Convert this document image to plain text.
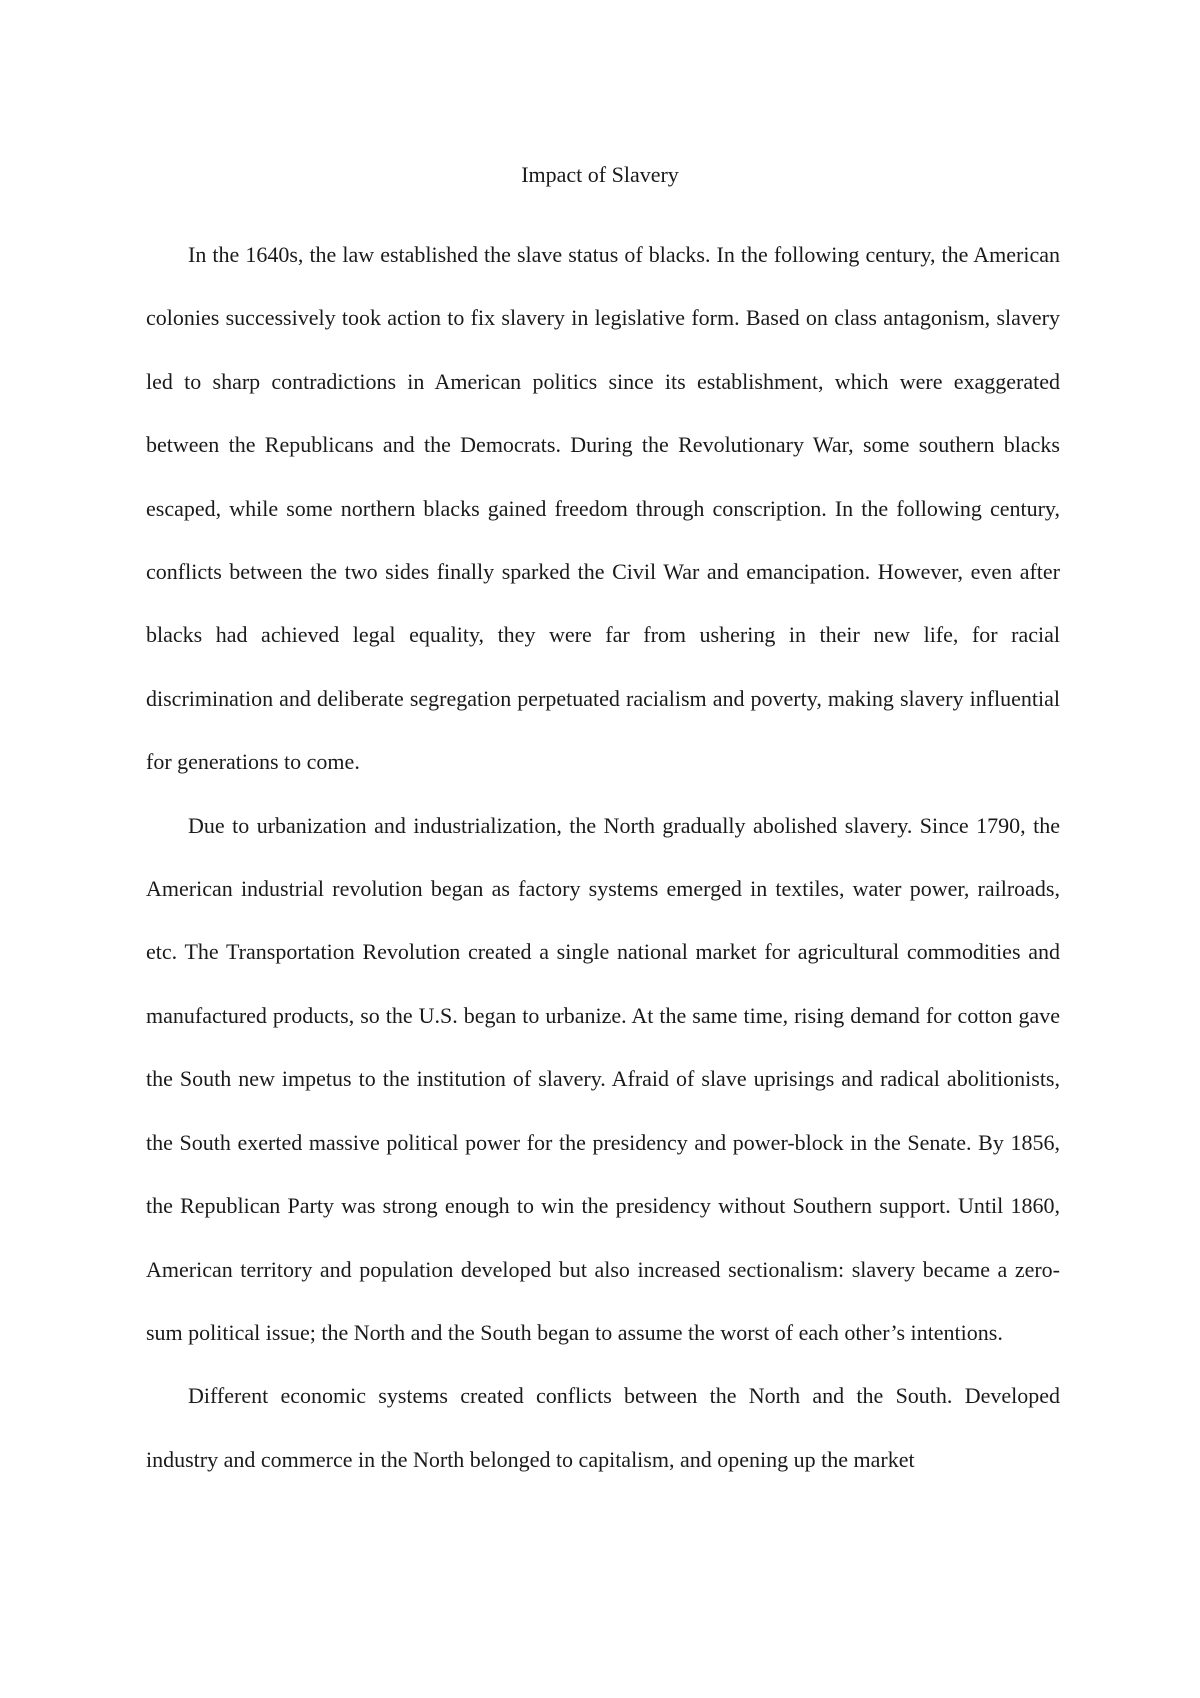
Impact of Slavery

In the 1640s, the law established the slave status of blacks. In the following century, the American colonies successively took action to fix slavery in legislative form. Based on class antagonism, slavery led to sharp contradictions in American politics since its establishment, which were exaggerated between the Republicans and the Democrats. During the Revolutionary War, some southern blacks escaped, while some northern blacks gained freedom through conscription. In the following century, conflicts between the two sides finally sparked the Civil War and emancipation. However, even after blacks had achieved legal equality, they were far from ushering in their new life, for racial discrimination and deliberate segregation perpetuated racialism and poverty, making slavery influential for generations to come.

Due to urbanization and industrialization, the North gradually abolished slavery. Since 1790, the American industrial revolution began as factory systems emerged in textiles, water power, railroads, etc. The Transportation Revolution created a single national market for agricultural commodities and manufactured products, so the U.S. began to urbanize. At the same time, rising demand for cotton gave the South new impetus to the institution of slavery. Afraid of slave uprisings and radical abolitionists, the South exerted massive political power for the presidency and power-block in the Senate. By 1856, the Republican Party was strong enough to win the presidency without Southern support. Until 1860, American territory and population developed but also increased sectionalism: slavery became a zero-sum political issue; the North and the South began to assume the worst of each other’s intentions.

Different economic systems created conflicts between the North and the South. Developed industry and commerce in the North belonged to capitalism, and opening up the market
